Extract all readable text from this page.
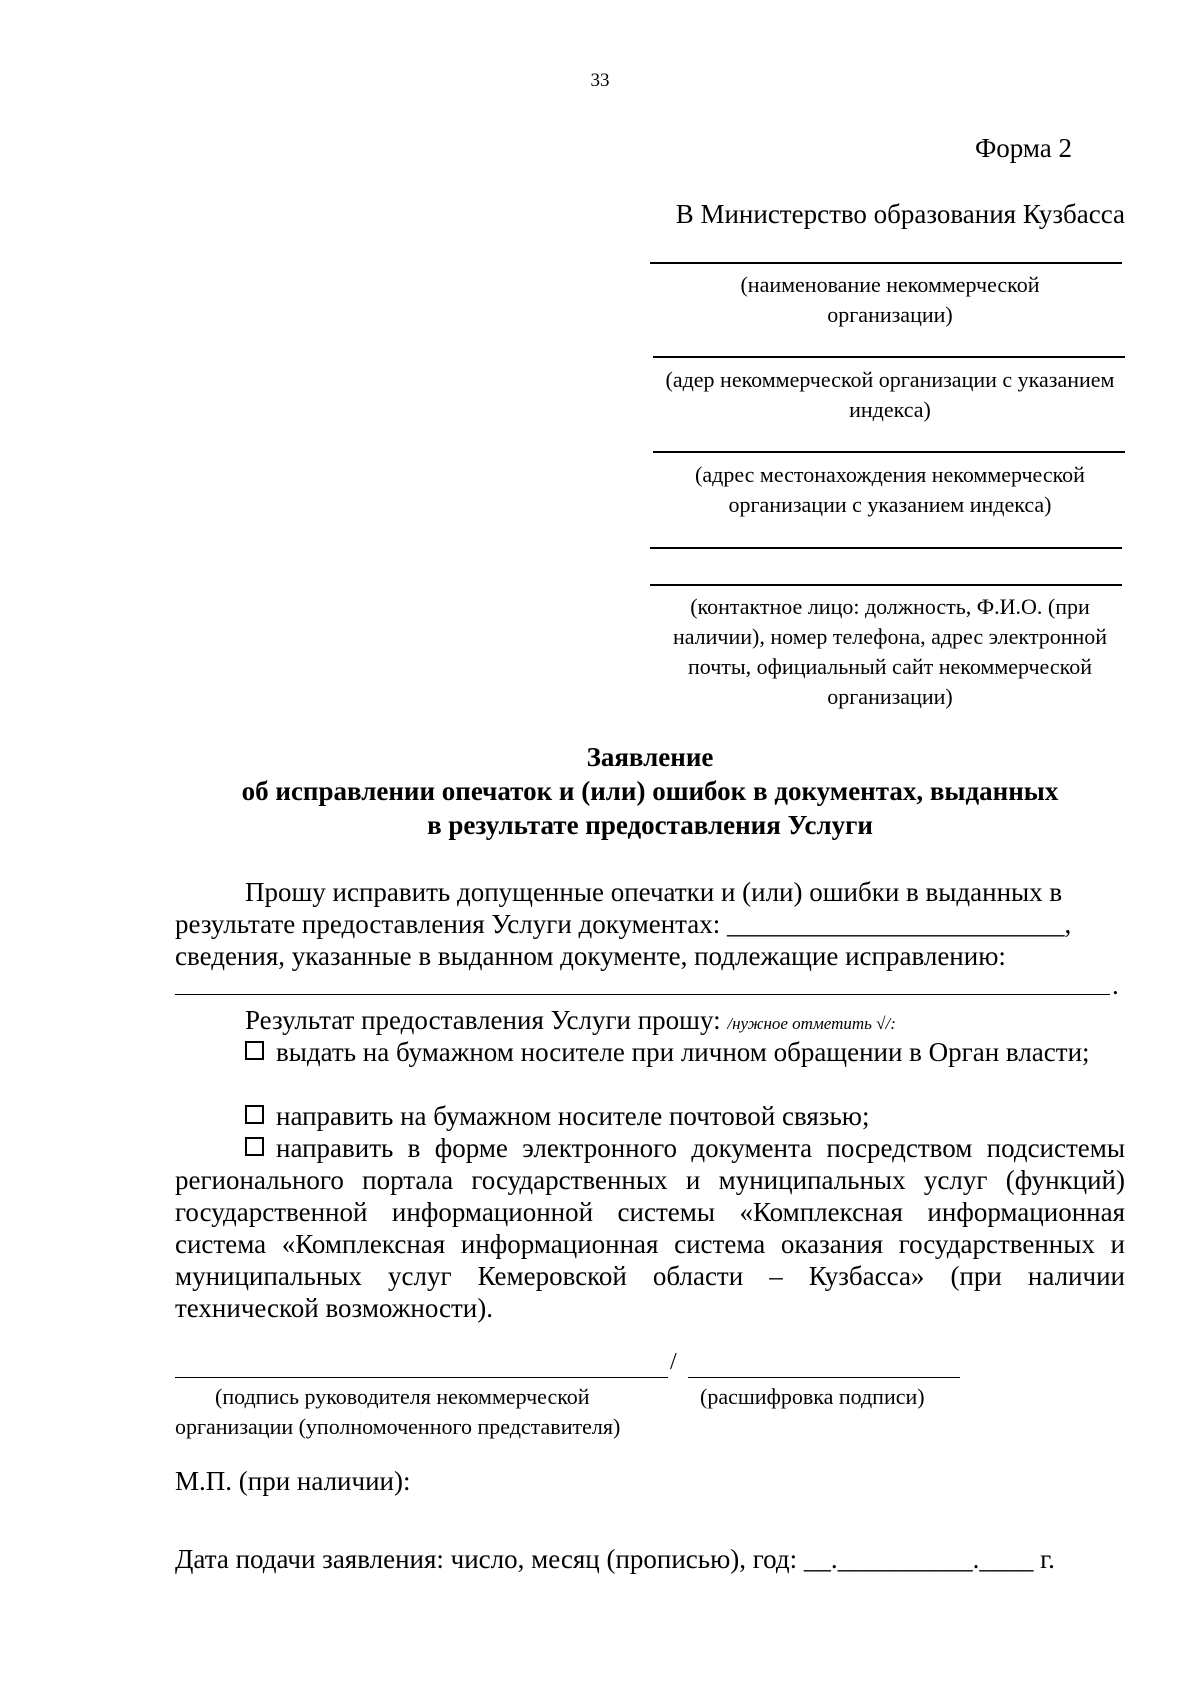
33
Форма 2
В Министерство образования Кузбасса
(наименование некоммерческой организации)
(адер некоммерческой организации с указанием индекса)
(адрес местонахождения некоммерческой организации с указанием индекса)
(контактное лицо: должность, Ф.И.О. (при наличии), номер телефона, адрес электронной почты, официальный сайт некоммерческой организации)
Заявление
об исправлении опечаток и (или) ошибок в документах, выданных
в результате предоставления Услуги
Прошу исправить допущенные опечатки и (или) ошибки в выданных в
результате предоставления Услуги документах: _________________________,
сведения, указанные в выданном документе, подлежащие исправлению:
.
Результат предоставления Услуги прошу: /нужное отметить √/:
выдать на бумажном носителе при личном обращении в Орган власти;
направить на бумажном носителе почтовой связью;
направить в форме электронного документа посредством подсистемы регионального портала государственных и муниципальных услуг (функций) государственной информационной системы «Комплексная информационная система «Комплексная информационная система оказания государственных и муниципальных услуг Кемеровской области – Кузбасса» (при наличии технической возможности).
/
(подпись руководителя некоммерческой организации (уполномоченного представителя)
(расшифровка подписи)
М.П. (при наличии):
Дата подачи заявления: число, месяц (прописью), год: __.__________.____ г.
